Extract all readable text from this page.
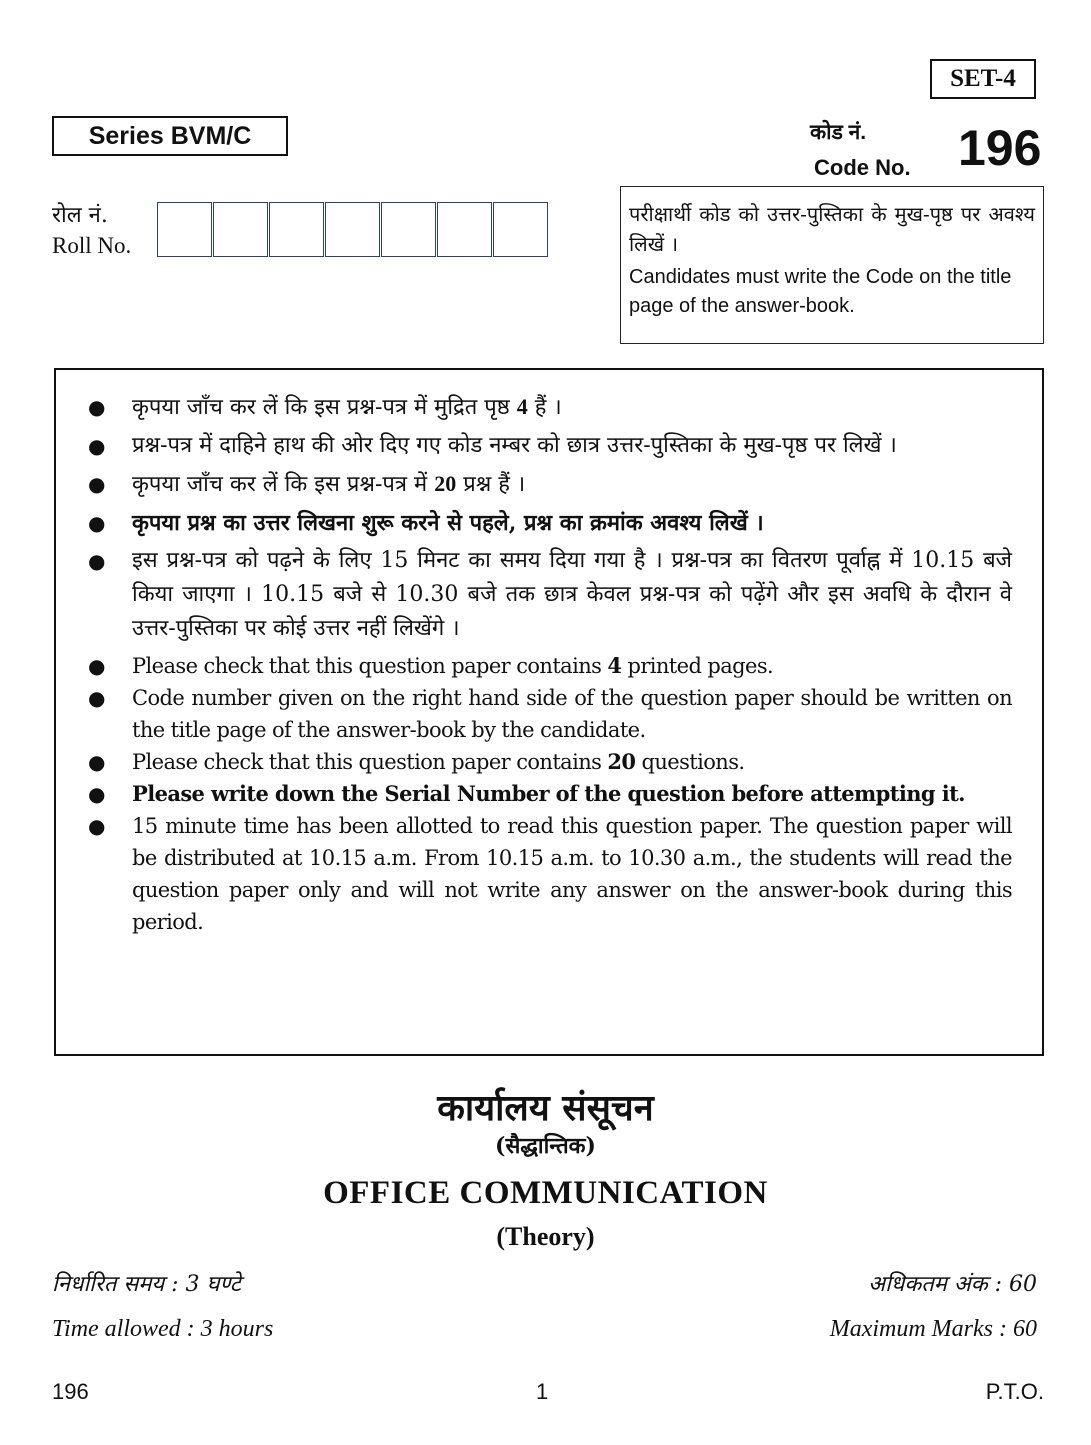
SET-4
Series BVM/C	कोड नं.
Code No. 196
रोल नं.
Roll No.
परीक्षार्थी कोड को उत्तर-पुस्तिका के मुख-पृष्ठ पर अवश्य लिखें ।
Candidates must write the Code on the title page of the answer-book.
● कृपया जाँच कर लें कि इस प्रश्न-पत्र में मुद्रित पृष्ठ 4 हैं ।
● प्रश्न-पत्र में दाहिने हाथ की ओर दिए गए कोड नम्बर को छात्र उत्तर-पुस्तिका के मुख-पृष्ठ पर लिखें ।
● कृपया जाँच कर लें कि इस प्रश्न-पत्र में 20 प्रश्न हैं ।
● कृपया प्रश्न का उत्तर लिखना शुरू करने से पहले, प्रश्न का क्रमांक अवश्य लिखें ।
● इस प्रश्न-पत्र को पढ़ने के लिए 15 मिनट का समय दिया गया है । प्रश्न-पत्र का वितरण पूर्वाह्न में 10.15 बजे किया जाएगा । 10.15 बजे से 10.30 बजे तक छात्र केवल प्रश्न-पत्र को पढ़ेंगे और इस अवधि के दौरान वे उत्तर-पुस्तिका पर कोई उत्तर नहीं लिखेंगे ।
● Please check that this question paper contains 4 printed pages.
● Code number given on the right hand side of the question paper should be written on the title page of the answer-book by the candidate.
● Please check that this question paper contains 20 questions.
● Please write down the Serial Number of the question before attempting it.
● 15 minute time has been allotted to read this question paper. The question paper will be distributed at 10.15 a.m. From 10.15 a.m. to 10.30 a.m., the students will read the question paper only and will not write any answer on the answer-book during this period.
कार्यालय संसूचन
(सैद्धान्तिक)
OFFICE COMMUNICATION
(Theory)
निर्धारित समय : 3 घण्टे	अधिकतम अंक : 60
Time allowed : 3 hours	Maximum Marks : 60
196	1	P.T.O.
